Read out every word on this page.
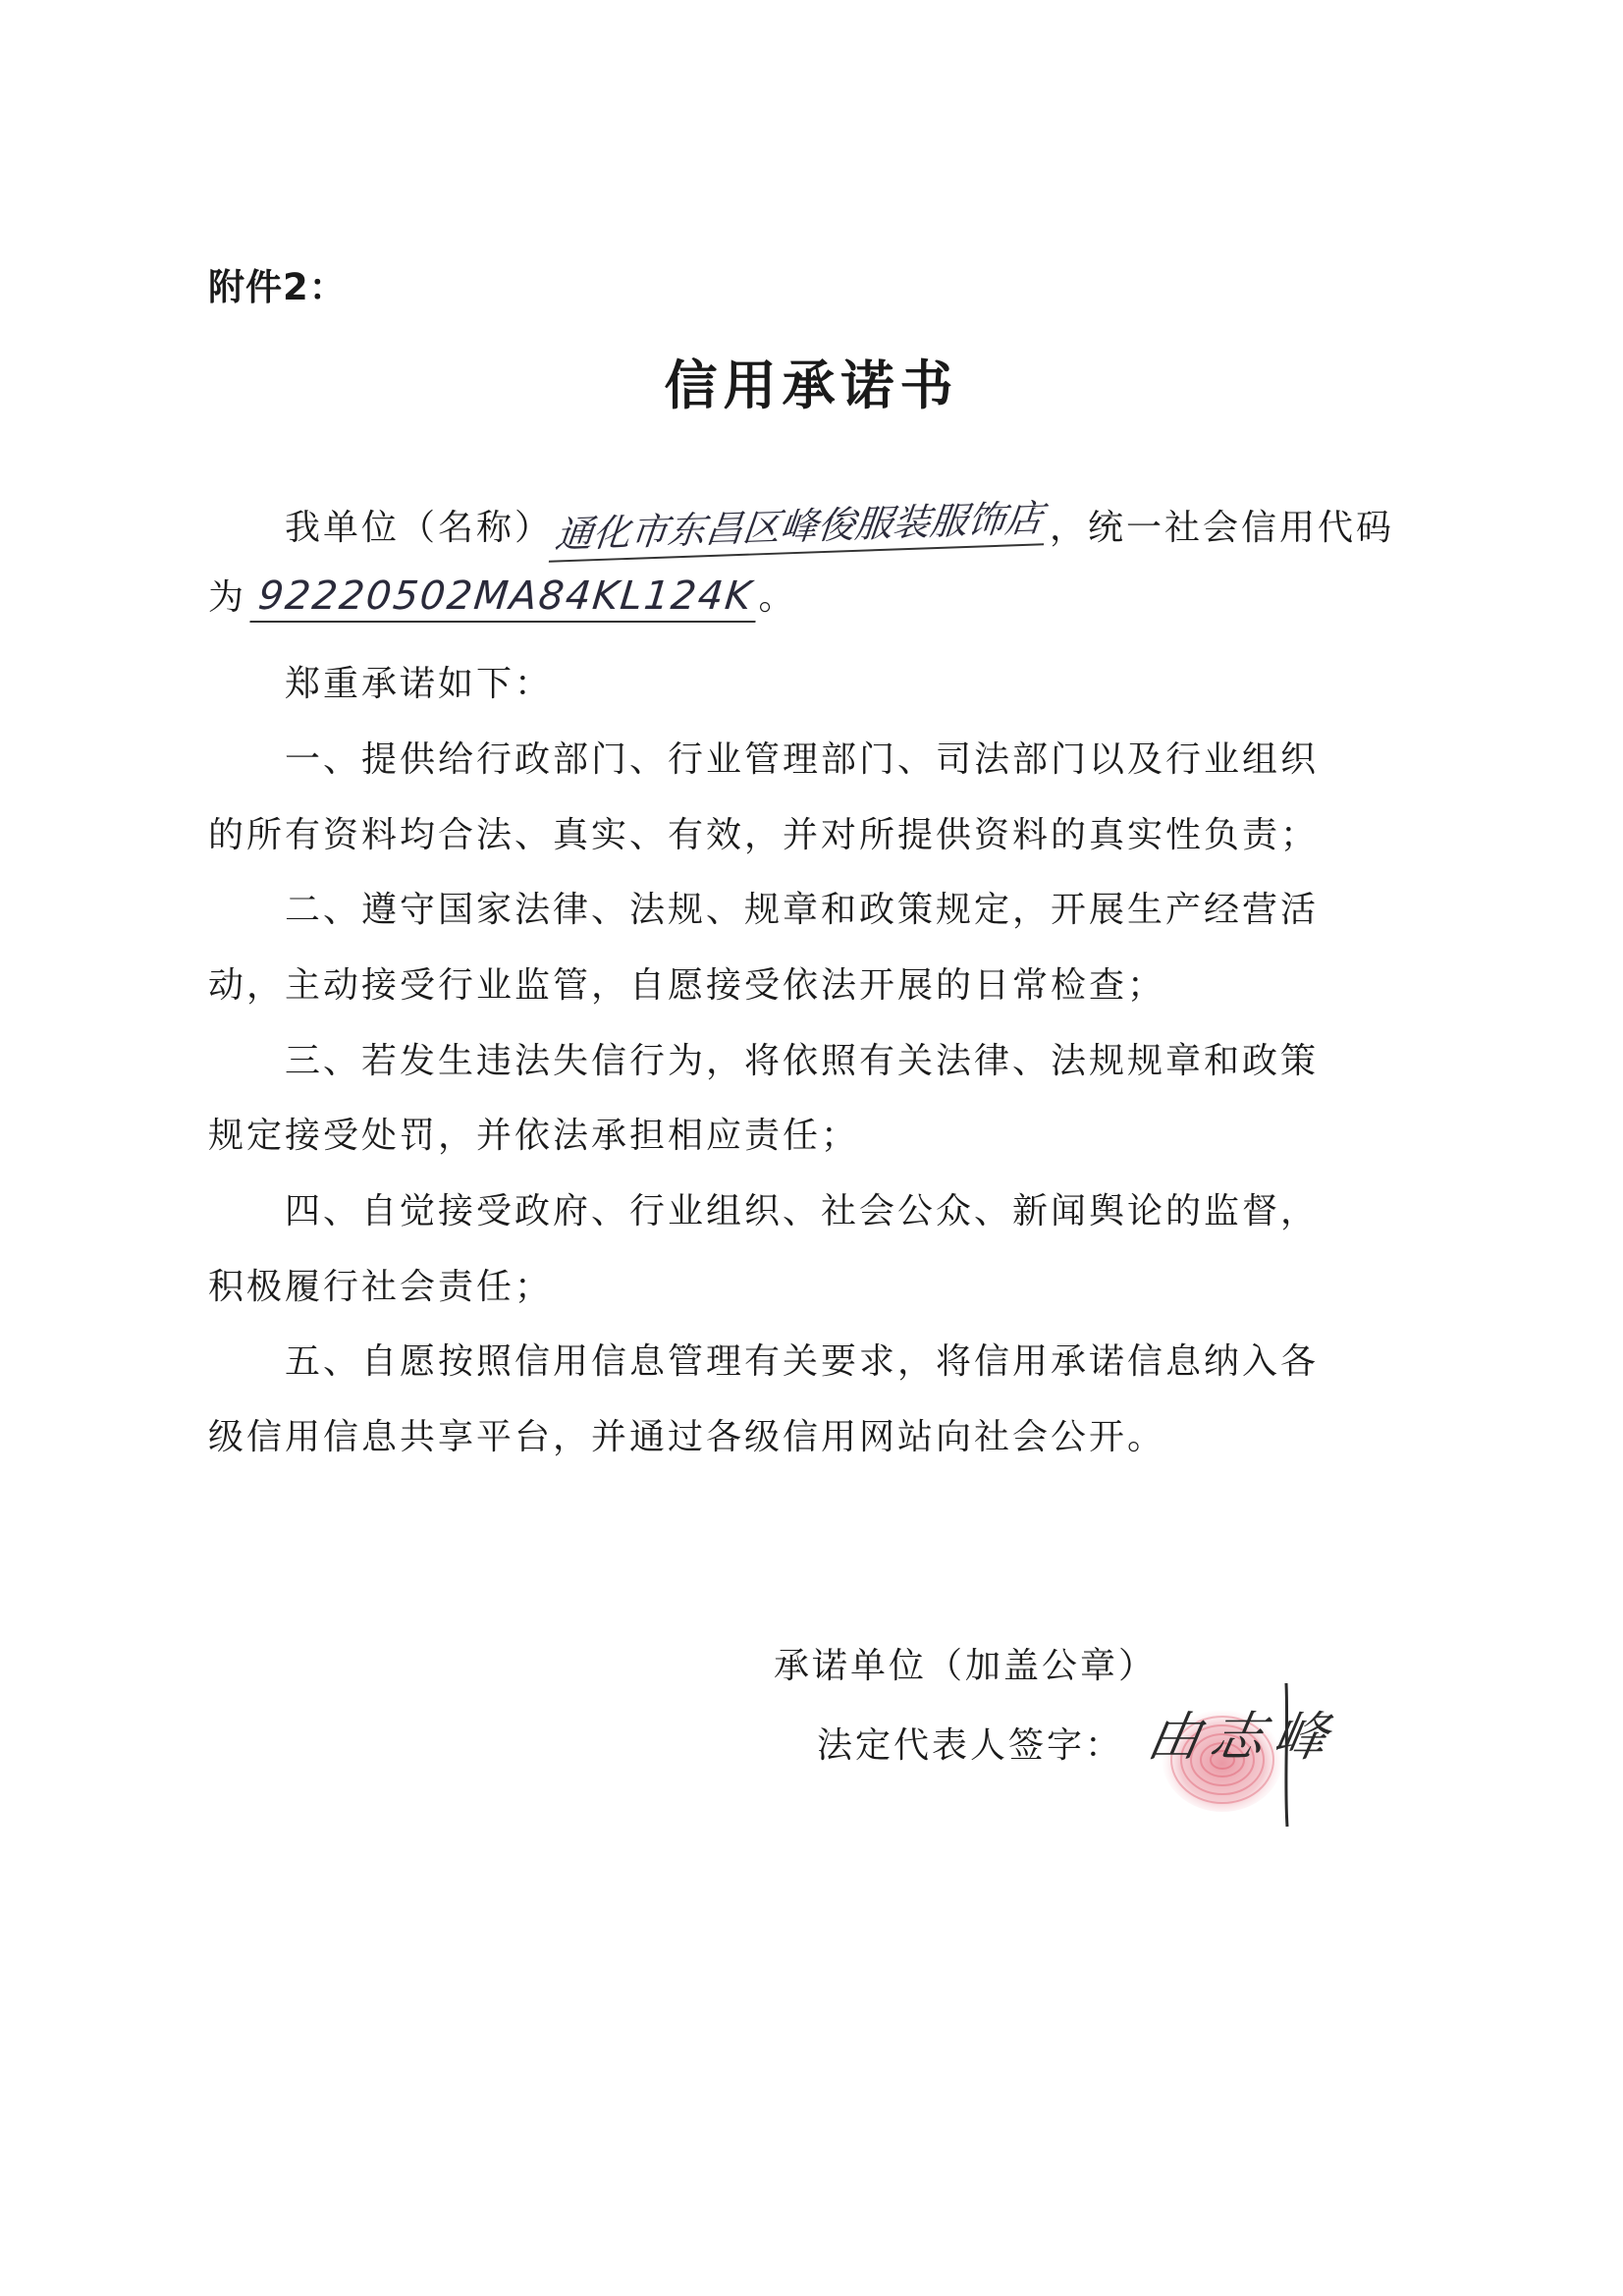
附件2：
信用承诺书
我单位（名称）通化市东昌区峰俊服装服饰店 ，统一社会信用代码
为 92220502MA84KL124K。
郑重承诺如下：
一、提供给行政部门、行业管理部门、司法部门以及行业组织
的所有资料均合法、真实、有效，并对所提供资料的真实性负责；
二、遵守国家法律、法规、规章和政策规定，开展生产经营活
动，主动接受行业监管，自愿接受依法开展的日常检查；
三、若发生违法失信行为，将依照有关法律、法规规章和政策
规定接受处罚，并依法承担相应责任；
四、自觉接受政府、行业组织、社会公众、新闻舆论的监督，
积极履行社会责任；
五、自愿按照信用信息管理有关要求，将信用承诺信息纳入各
级信用信息共享平台，并通过各级信用网站向社会公开。
承诺单位（加盖公章）
法定代表人签字： 由志峰
